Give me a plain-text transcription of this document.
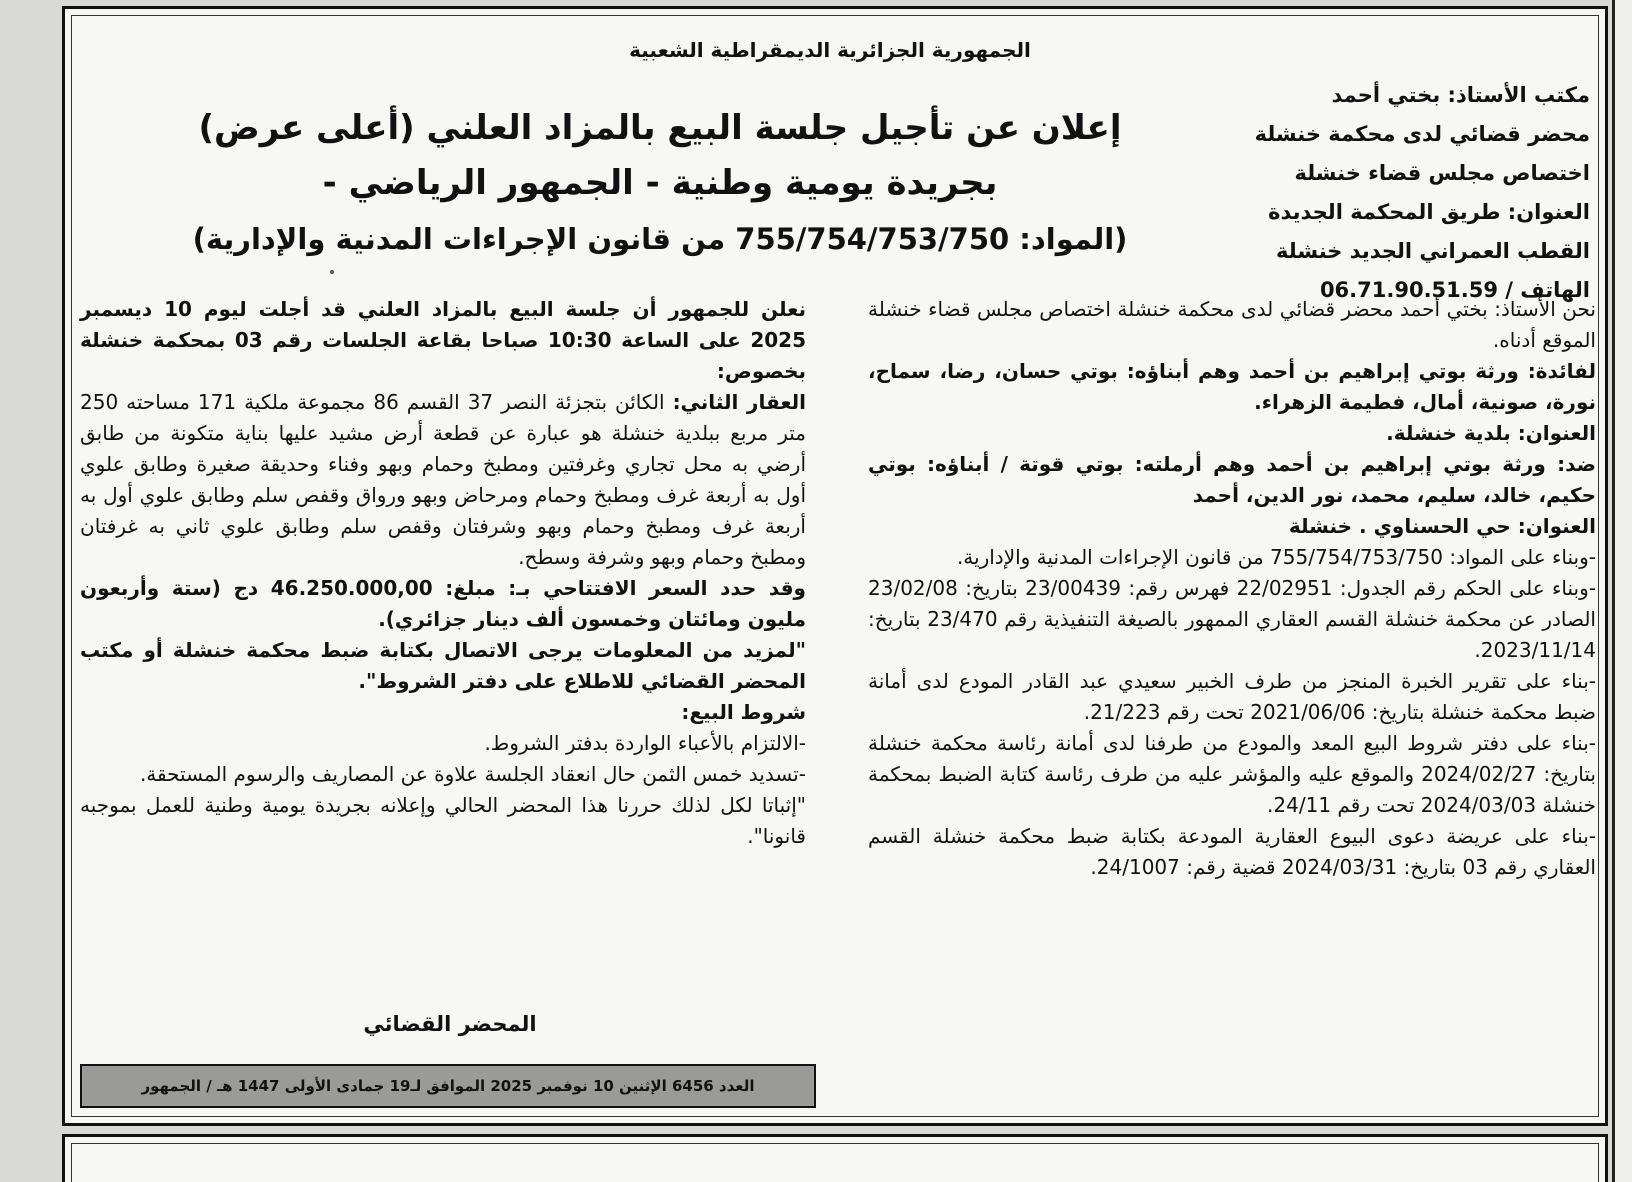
الجمهورية الجزائرية الديمقراطية الشعبية
مكتب الأستاذ: بختي أحمد
محضر قضائي لدى محكمة خنشلة
اختصاص مجلس قضاء خنشلة
العنوان: طريق المحكمة الجديدة
القطب العمراني الجديد خنشلة
الهاتف / 06.71.90.51.59
إعلان عن تأجيل جلسة البيع بالمزاد العلني (أعلى عرض)
بجريدة يومية وطنية - الجمهور الرياضي -
(المواد: 755/754/753/750 من قانون الإجراءات المدنية والإدارية)

نحن الأستاذ: بختي أحمد محضر قضائي لدى محكمة خنشلة اختصاص مجلس قضاء خنشلة الموقع أدناه.

لفائدة: ورثة بوتي إبراهيم بن أحمد وهم أبناؤه: بوتي حسان، رضا، سماح، نورة، صونية، أمال، فطيمة الزهراء.

العنوان: بلدية خنشلة.

ضد: ورثة بوتي إبراهيم بن أحمد وهم أرملته: بوتي قوتة / أبناؤه: بوتي حكيم، خالد، سليم، محمد، نور الدين، أحمد

العنوان: حي الحسناوي . خنشلة

-وبناء على المواد: 755/754/753/750 من قانون الإجراءات المدنية والإدارية.

-وبناء على الحكم رقم الجدول: 22/02951 فهرس رقم: 23/00439 بتاريخ: 23/02/08 الصادر عن محكمة خنشلة القسم العقاري الممهور بالصيغة التنفيذية رقم 23/470 بتاريخ: 2023/11/14.

-بناء على تقرير الخبرة المنجز من طرف الخبير سعيدي عبد القادر المودع لدى أمانة ضبط محكمة خنشلة بتاريخ: 2021/06/06 تحت رقم 21/223.

-بناء على دفتر شروط البيع المعد والمودع من طرفنا لدى أمانة رئاسة محكمة خنشلة بتاريخ: 2024/02/27 والموقع عليه والمؤشر عليه من طرف رئاسة كتابة الضبط بمحكمة خنشلة 2024/03/03 تحت رقم 24/11.

-بناء على عريضة دعوى البيوع العقارية المودعة بكتابة ضبط محكمة خنشلة القسم العقاري رقم 03 بتاريخ: 2024/03/31 قضية رقم: 24/1007.

نعلن للجمهور أن جلسة البيع بالمزاد العلني قد أجلت ليوم 10 ديسمبر 2025 على الساعة 10:30 صباحا بقاعة الجلسات رقم 03 بمحكمة خنشلة بخصوص:

العقار الثاني: الكائن بتجزئة النصر 37 القسم 86 مجموعة ملكية 171 مساحته 250 متر مربع ببلدية خنشلة هو عبارة عن قطعة أرض مشيد عليها بناية متكونة من طابق أرضي به محل تجاري وغرفتين ومطبخ وحمام وبهو وفناء وحديقة صغيرة وطابق علوي أول به أربعة غرف ومطبخ وحمام ومرحاض وبهو ورواق وقفص سلم وطابق علوي أول به أربعة غرف ومطبخ وحمام وبهو وشرفتان وقفص سلم وطابق علوي ثاني به غرفتان ومطبخ وحمام وبهو وشرفة وسطح.

وقد حدد السعر الافتتاحي بـ: مبلغ: 46.250.000,00 دج (ستة وأربعون مليون ومائتان وخمسون ألف دينار جزائري).

"لمزيد من المعلومات يرجى الاتصال بكتابة ضبط محكمة خنشلة أو مكتب المحضر القضائي للاطلاع على دفتر الشروط".

شروط البيع:

-الالتزام بالأعباء الواردة بدفتر الشروط.

-تسديد خمس الثمن حال انعقاد الجلسة علاوة عن المصاريف والرسوم المستحقة.

"إثباتا لكل لذلك حررنا هذا المحضر الحالي وإعلانه بجريدة يومية وطنية للعمل بموجبه قانونا".

المحضر القضائي
العدد 6456 الإثنين 10 نوفمبر 2025 الموافق لـ19 جمادى الأولى 1447 هـ / الجمهور
